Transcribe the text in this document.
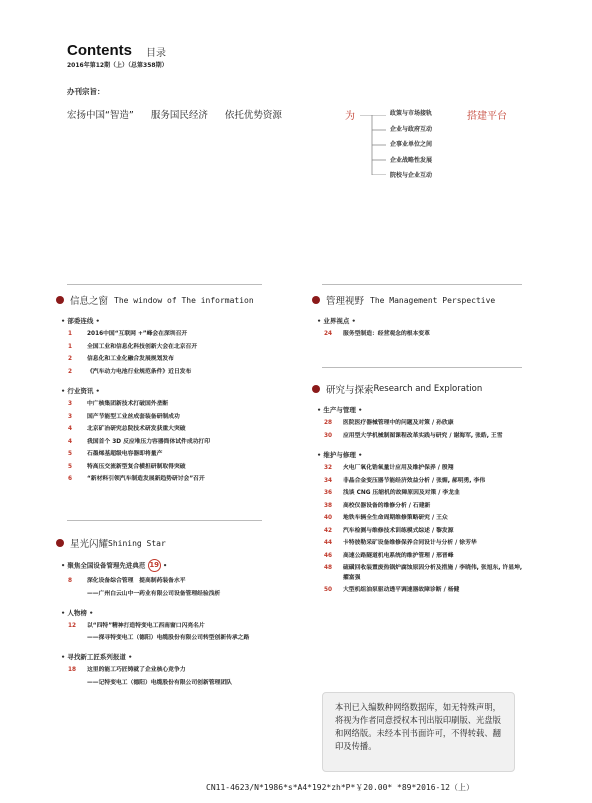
Contents 目录
2016年第12期（上）（总第358期）
办刊宗旨：
宏扬中国“智造” 服务国民经济 依托优势资源	为	政策与市场接轨
企业与政府互动
企事业单位之间
企业战略性发展
院校与企业互动
搭建平台
信息之窗 The window of The information
• 部委连线 •
1	2016中国“互联网 +”峰会在深圳召开
1	全国工业和信息化科技创新大会在北京召开
2	信息化和工业化融合发展规划发布
2	《汽车动力电池行业规范条件》近日发布
• 行业资讯 •
3	中广核集团新技术打破国外垄断
3	国产节能型工业丝成套装备研制成功
4	北京矿冶研究总院技术研发获重大突破
4	我国首个 3D 反应堆压力容器筒体试件成功打印
5	石墨烯基超级电容器即将量产
5	特高压交流新型复合横担研制取得突破
6	“新材料引领汽车制造发展新趋势研讨会”召开
星光闪耀 Shining Star
• 聚焦全国设备管理先进典范 19 •
8	深化设备综合管理　提高制药装备水平
——广州白云山中一药业有限公司设备管理经验浅析
• 人物榜 •
12	以“四特”精神打造特变电工西南窗口闪亮名片
——探寻特变电工（德阳）电缆股份有限公司转型创新传承之路
• 寻找新工匠系列报道 •
18	这里的能工巧匠铸就了企业核心竞争力
——记特变电工（德阳）电缆股份有限公司创新管理团队
管理视野 The Management Perspective
• 业界视点 •
24	服务型制造：经营观念的根本变革
研究与探索 Research and Exploration
• 生产与管理 •
28	医院医疗器械管理中的问题及对策 / 孙欣康
30	应用型大学机械制图课程改革实践与研究 / 谢海军, 张皓, 王雪
• 维护与修理 •
32	火电厂氧化锆氧量计应用及维护保养 / 殷翔
34	非晶合金变压器节能经济效益分析 / 张媚, 郝明勇, 李伟
36	浅谈 CNG 压缩机的故障原因及对策 / 李龙韭
38	高校仪器设备的维修分析 / 石建新
40	地铁车辆全生命周期维修策略研究 / 王众
42	汽车检测与维修技术训练模式综述 / 黎发源
44	卡特彼勒采矿设备维修保养合同设计与分析 / 徐芳华
46	高速公路隧道机电系统的维护管理 / 邢晋峰
48	硫磺回收装置废热锅炉腐蚀原因分析及措施 / 李晓伟, 张旭东, 许显坤, 擢富强
50	大型机组油泵驱动透平调速器故障诊断 / 杨健
本刊已入编数种网络数据库，如无特殊声明，将视为作者同意授权本刊出版印刷版、光盘版和网络版。未经本刊书面许可，不得转载、翻印及传播。
CN11-4623/N*1986*s*A4*192*zh*P*￥20.00* *89*2016-12（上）
